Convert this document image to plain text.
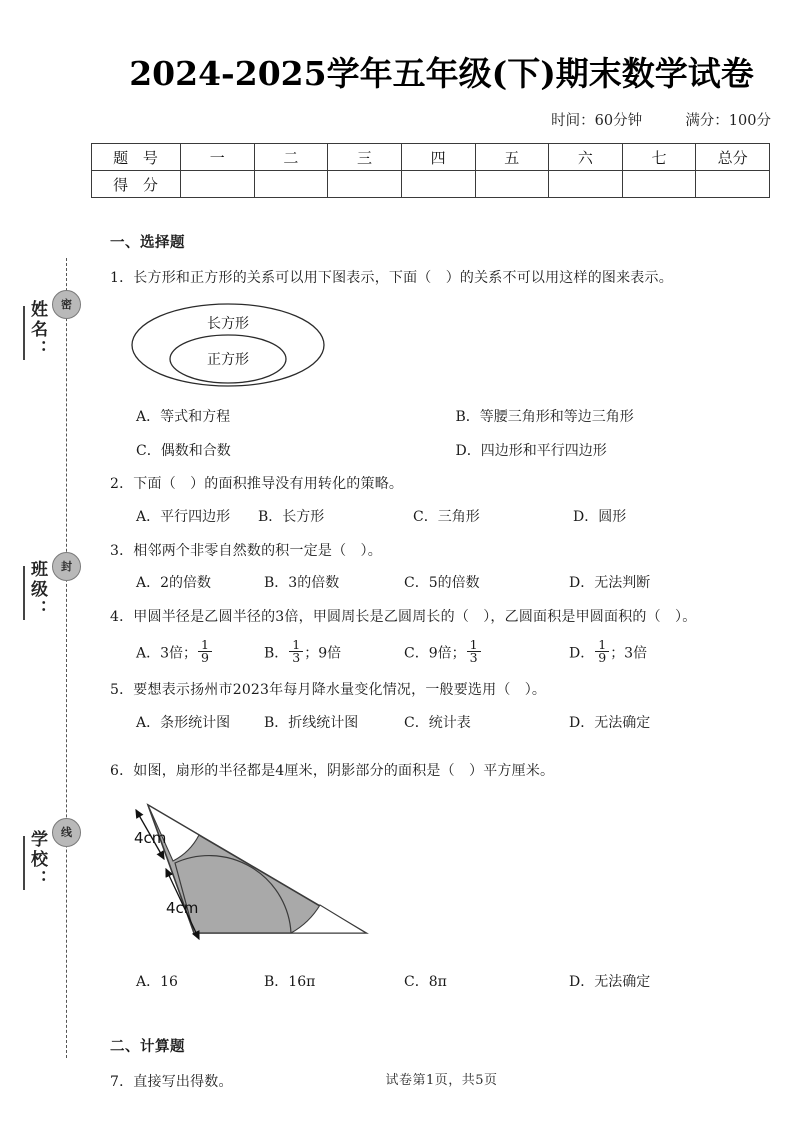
姓名：
班级：
学校：
密
封
线
2024-2025学年五年级(下)期末数学试卷
时间：60分钟	满分：100分
题 号	一	二	三	四	五	六	七	总分
得 分								
一、选择题
1．长方形和正方形的关系可以用下图表示，下面（　）的关系不可以用这样的图来表示。
长方形
正方形
A．等式和方程	B．等腰三角形和等边三角形
C．偶数和合数	D．四边形和平行四边形
2．下面（　）的面积推导没有用转化的策略。
A．平行四边形	B．长方形	C．三角形	D．圆形
3．相邻两个非零自然数的积一定是（　）。
A．2的倍数	B．3的倍数	C．5的倍数	D．无法判断
4．甲圆半径是乙圆半径的3倍，甲圆周长是乙圆周长的（　），乙圆面积是甲圆面积的（　）。
A．3倍； $\frac{1}{9}$	B． $\frac{1}{3}$ ；9倍	C．9倍； $\frac{1}{3}$	D． $\frac{1}{9}$ ；3倍
5．要想表示扬州市2023年每月降水量变化情况，一般要选用（　）。
A．条形统计图	B．折线统计图	C．统计表	D．无法确定
6．如图，扇形的半径都是4厘米，阴影部分的面积是（　）平方厘米。
4cm
4cm
A．16	B．16π	C．8π	D．无法确定
二、计算题
7．直接写出得数。	试卷第1页，共5页
